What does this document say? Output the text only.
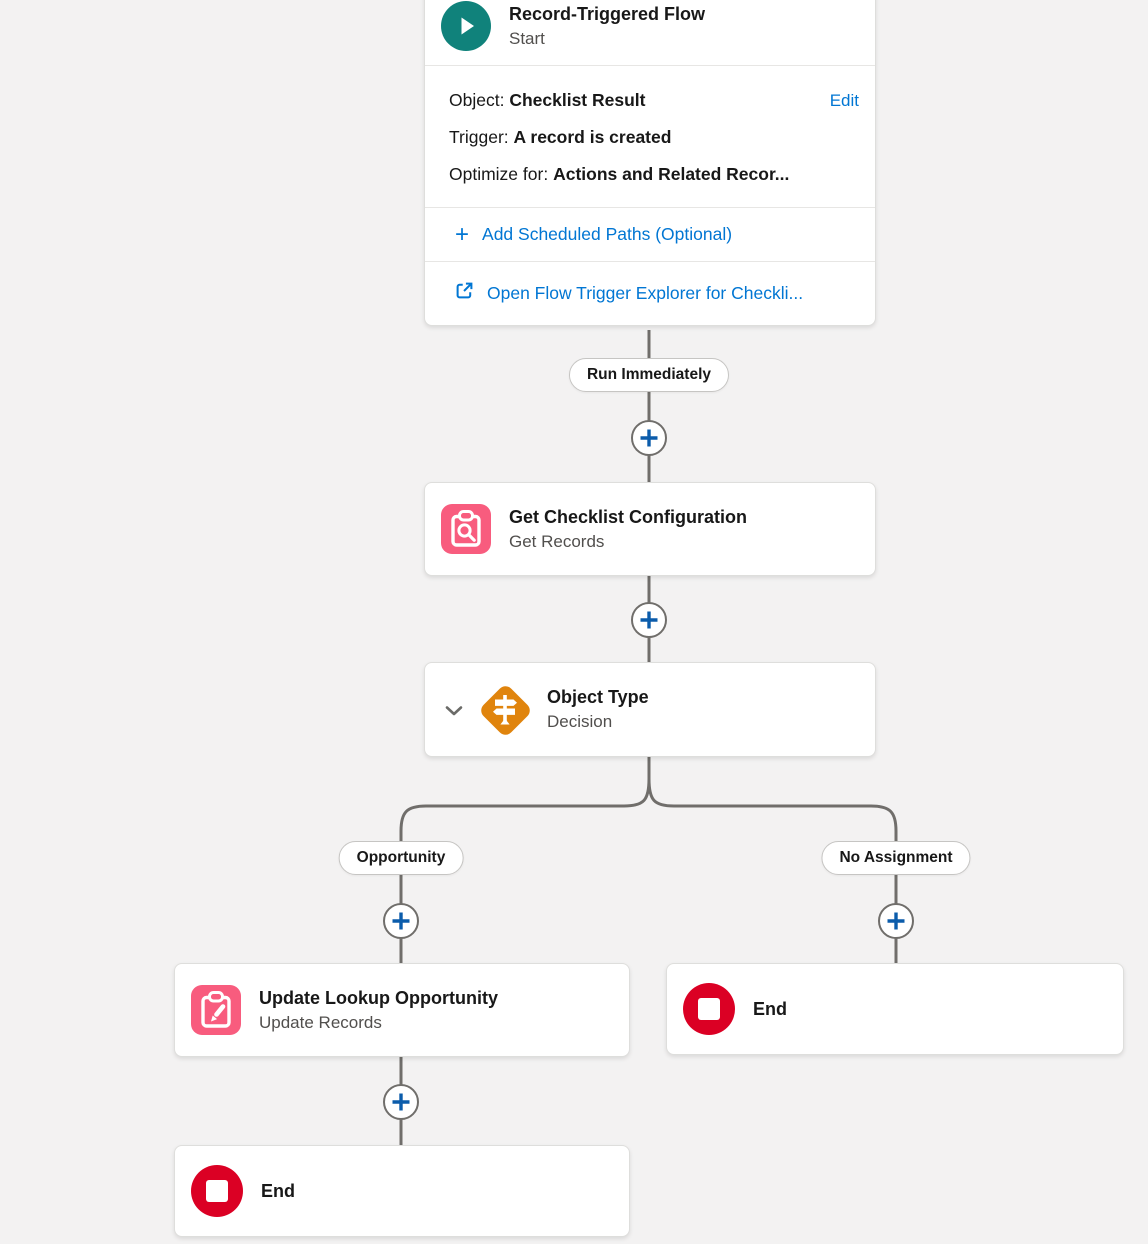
Record-Triggered Flow
Start
Edit
Object: Checklist Result
Trigger: A record is created
Optimize for: Actions and Related Recor...
+ Add Scheduled Paths (Optional)
Open Flow Trigger Explorer for Checkli...
Run Immediately
Get Checklist Configuration
Get Records
Object Type
Decision
Opportunity	No Assignment
Update Lookup Opportunity
Update Records
End
End
